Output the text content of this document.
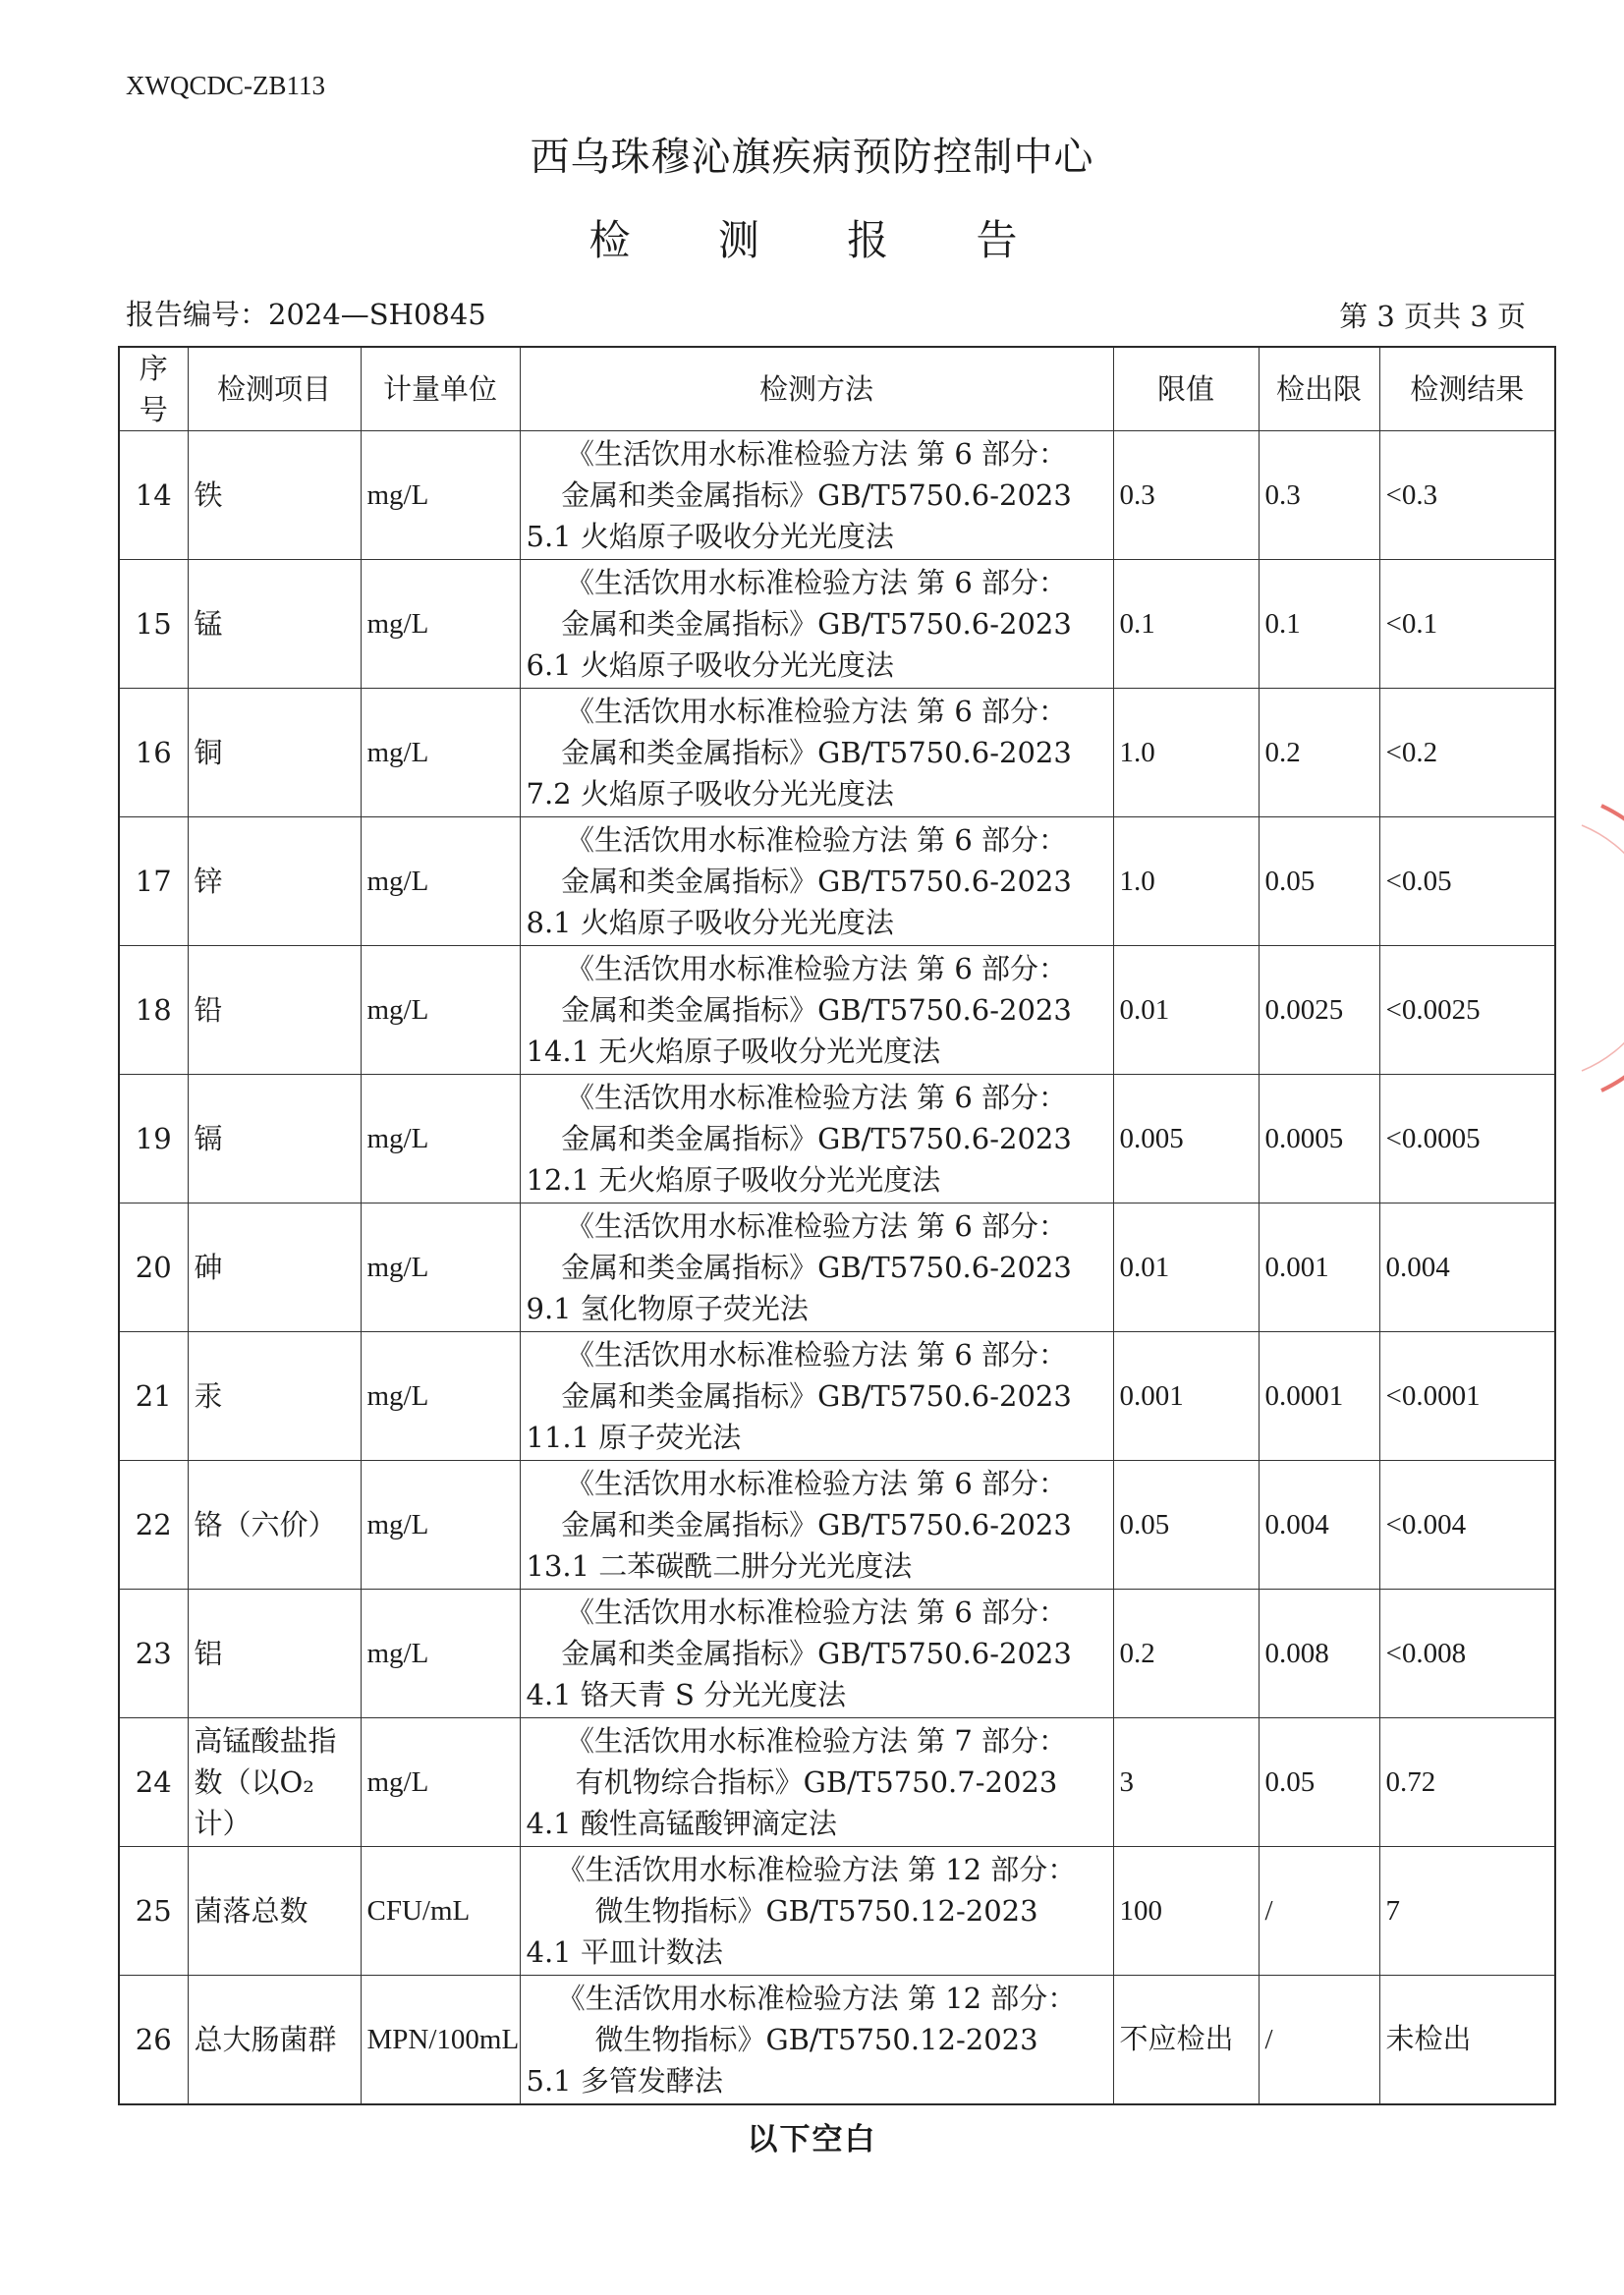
XWQCDC-ZB113
西乌珠穆沁旗疾病预防控制中心
检 测 报 告
报告编号：2024—SH0845	第 3 页共 3 页
序号	检测项目	计量单位	检测方法	限值	检出限	检测结果
14	铁	mg/L	《生活饮用水标准检验方法 第 6 部分：
金属和类金属指标》GB/T5750.6-2023
5.1 火焰原子吸收分光光度法	0.3	0.3	<0.3
15	锰	mg/L	《生活饮用水标准检验方法 第 6 部分：
金属和类金属指标》GB/T5750.6-2023
6.1 火焰原子吸收分光光度法	0.1	0.1	<0.1
16	铜	mg/L	《生活饮用水标准检验方法 第 6 部分：
金属和类金属指标》GB/T5750.6-2023
7.2 火焰原子吸收分光光度法	1.0	0.2	<0.2
17	锌	mg/L	《生活饮用水标准检验方法 第 6 部分：
金属和类金属指标》GB/T5750.6-2023
8.1 火焰原子吸收分光光度法	1.0	0.05	<0.05
18	铅	mg/L	《生活饮用水标准检验方法 第 6 部分：
金属和类金属指标》GB/T5750.6-2023
14.1 无火焰原子吸收分光光度法	0.01	0.0025	<0.0025
19	镉	mg/L	《生活饮用水标准检验方法 第 6 部分：
金属和类金属指标》GB/T5750.6-2023
12.1 无火焰原子吸收分光光度法	0.005	0.0005	<0.0005
20	砷	mg/L	《生活饮用水标准检验方法 第 6 部分：
金属和类金属指标》GB/T5750.6-2023
9.1 氢化物原子荧光法	0.01	0.001	0.004
21	汞	mg/L	《生活饮用水标准检验方法 第 6 部分：
金属和类金属指标》GB/T5750.6-2023
11.1 原子荧光法	0.001	0.0001	<0.0001
22	铬（六价）	mg/L	《生活饮用水标准检验方法 第 6 部分：
金属和类金属指标》GB/T5750.6-2023
13.1 二苯碳酰二肼分光光度法	0.05	0.004	<0.004
23	铝	mg/L	《生活饮用水标准检验方法 第 6 部分：
金属和类金属指标》GB/T5750.6-2023
4.1 铬天青 S 分光光度法	0.2	0.008	<0.008
24	高锰酸盐指数（以O₂计）	mg/L	《生活饮用水标准检验方法 第 7 部分：
有机物综合指标》GB/T5750.7-2023
4.1 酸性高锰酸钾滴定法	3	0.05	0.72
25	菌落总数	CFU/mL	《生活饮用水标准检验方法 第 12 部分：
微生物指标》GB/T5750.12-2023
4.1 平皿计数法	100	/	7
26	总大肠菌群	MPN/100mL	《生活饮用水标准检验方法 第 12 部分：
微生物指标》GB/T5750.12-2023
5.1 多管发酵法	不应检出	/	未检出
以下空白
